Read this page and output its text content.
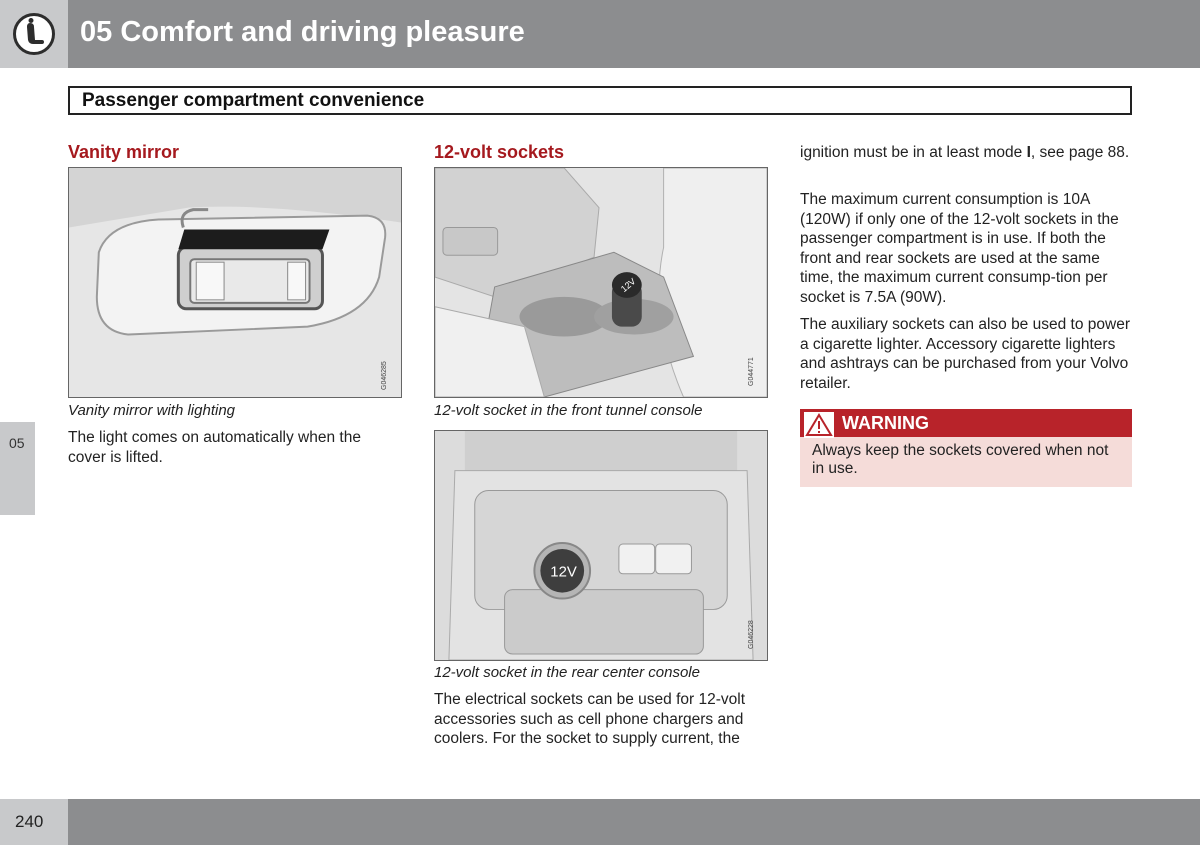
05 Comfort and driving pleasure
Passenger compartment convenience
05
Vanity mirror
G046285
Vanity mirror with lighting
The light comes on automatically when the cover is lifted.
12-volt sockets
12V
G044771
12-volt socket in the front tunnel console
12V
G046228
12-volt socket in the rear center console
The electrical sockets can be used for 12-volt accessories such as cell phone chargers and coolers. For the socket to supply current, the
ignition must be in at least mode I, see page 88.
The maximum current consumption is 10A (120W) if only one of the 12-volt sockets in the passenger compartment is in use. If both the front and rear sockets are used at the same time, the maximum current consump-tion per socket is 7.5A (90W).
The auxiliary sockets can also be used to power a cigarette lighter. Accessory cigarette lighters and ashtrays can be purchased from your Volvo retailer.
WARNING
Always keep the sockets covered when not in use.
240
